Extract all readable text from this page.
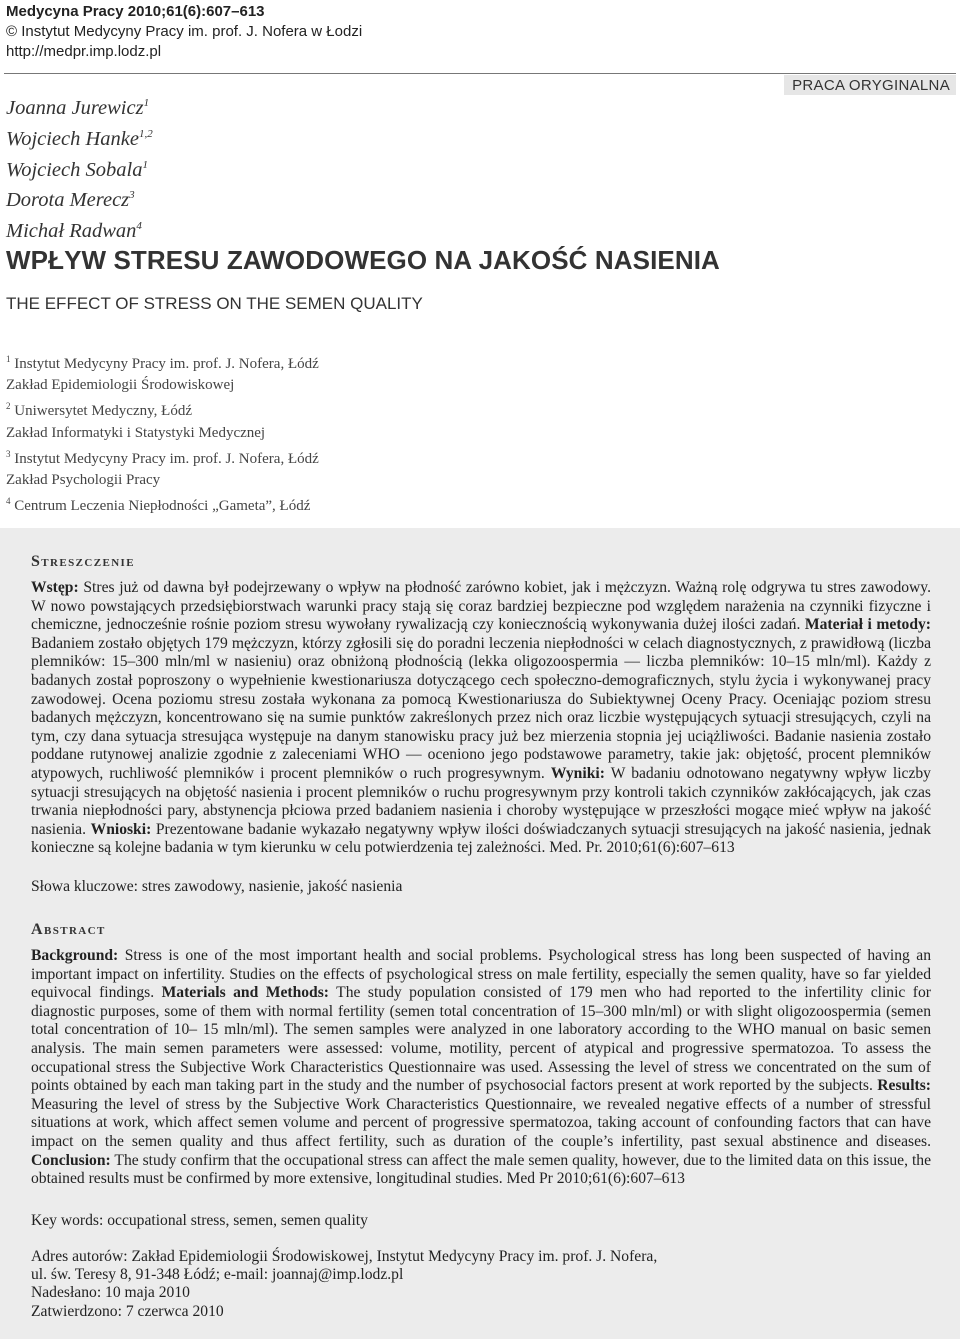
Medycyna Pracy 2010;61(6):607–613
© Instytut Medycyny Pracy im. prof. J. Nofera w Łodzi
http://medpr.imp.lodz.pl
PRACA ORYGINALNA
Joanna Jurewicz$^1$
Wojciech Hanke$^{1,2}$
Wojciech Sobala$^1$
Dorota Merecz$^3$
Michał Radwan$^4$
WPŁYW STRESU ZAWODOWEGO NA JAKOŚĆ NASIENIA
THE EFFECT OF STRESS ON THE SEMEN QUALITY
$^1$ Instytut Medycyny Pracy im. prof. J. Nofera, Łódź
Zakład Epidemiologii Środowiskowej
$^2$ Uniwersytet Medyczny, Łódź
Zakład Informatyki i Statystyki Medycznej
$^3$ Instytut Medycyny Pracy im. prof. J. Nofera, Łódź
Zakład Psychologii Pracy
$^4$ Centrum Leczenia Niepłodności „Gameta”, Łódź
Streszczenie
Wstęp: Stres już od dawna był podejrzewany o wpływ na płodność zarówno kobiet, jak i mężczyzn. Ważną rolę odgrywa tu stres zawodowy. W nowo powstających przedsiębiorstwach warunki pracy stają się coraz bardziej bezpieczne pod względem narażenia na czynniki fizyczne i chemiczne, jednocześnie rośnie poziom stresu wywołany rywalizacją czy koniecznością wykonywania dużej ilości zadań. Materiał i metody: Badaniem zostało objętych 179 mężczyzn, którzy zgłosili się do poradni leczenia niepłodności w celach diagnostycznych, z prawidłową (liczba plemników: 15–300 mln/ml w nasieniu) oraz obniżoną płodnością (lekka oligozoospermia — liczba plemników: 10–15 mln/ml). Każdy z badanych został poproszony o wypełnienie kwestionariusza dotyczącego cech społeczno-demograficznych, stylu życia i wykonywanej pracy zawodowej. Ocena poziomu stresu została wykonana za pomocą Kwestionariusza do Subiektywnej Oceny Pracy. Oceniając poziom stresu badanych mężczyzn, koncentrowano się na sumie punktów zakreślonych przez nich oraz liczbie występujących sytuacji stresujących, czyli na tym, czy dana sytuacja stresująca występuje na danym stanowisku pracy już bez mierzenia stopnia jej uciążliwości. Badanie nasienia zostało poddane rutynowej analizie zgodnie z zaleceniami WHO — oceniono jego podstawowe parametry, takie jak: objętość, procent plemników atypowych, ruchliwość plemników i procent plemników o ruch progresywnym. Wyniki: W badaniu odnotowano negatywny wpływ liczby sytuacji stresujących na objętość nasienia i procent plemników o ruchu progresywnym przy kontroli takich czynników zakłócających, jak czas trwania niepłodności pary, abstynencja płciowa przed badaniem nasienia i choroby występujące w przeszłości mogące mieć wpływ na jakość nasienia. Wnioski: Prezentowane badanie wykazało negatywny wpływ ilości doświadczanych sytuacji stresujących na jakość nasienia, jednak konieczne są kolejne badania w tym kierunku w celu potwierdzenia tej zależności. Med. Pr. 2010;61(6):607–613
Słowa kluczowe: stres zawodowy, nasienie, jakość nasienia
Abstract
Background: Stress is one of the most important health and social problems. Psychological stress has long been suspected of having an important impact on infertility. Studies on the effects of psychological stress on male fertility, especially the semen quality, have so far yielded equivocal findings. Materials and Methods: The study population consisted of 179 men who had reported to the infertility clinic for diagnostic purposes, some of them with normal fertility (semen total concentration of 15–300 mln/ml) or with slight oligozoospermia (semen total concentration of 10– 15 mln/ml). The semen samples were analyzed in one laboratory according to the WHO manual on basic semen analysis. The main semen parameters were assessed: volume, motility, percent of atypical and progressive spermatozoa. To assess the occupational stress the Subjective Work Characteristics Questionnaire was used. Assessing the level of stress we concentrated on the sum of points obtained by each man taking part in the study and the number of psychosocial factors present at work reported by the subjects. Results: Measuring the level of stress by the Subjective Work Characteristics Questionnaire, we revealed negative effects of a number of stressful situations at work, which affect semen volume and percent of progressive spermatozoa, taking account of confounding factors that can have impact on the semen quality and thus affect fertility, such as duration of the couple’s infertility, past sexual abstinence and diseases. Conclusion: The study confirm that the occupational stress can affect the male semen quality, however, due to the limited data on this issue, the obtained results must be confirmed by more extensive, longitudinal studies. Med Pr 2010;61(6):607–613
Key words: occupational stress, semen, semen quality
Adres autorów: Zakład Epidemiologii Środowiskowej, Instytut Medycyny Pracy im. prof. J. Nofera,
ul. św. Teresy 8, 91-348 Łódź; e-mail: joannaj@imp.lodz.pl
Nadesłano: 10 maja 2010
Zatwierdzono: 7 czerwca 2010
